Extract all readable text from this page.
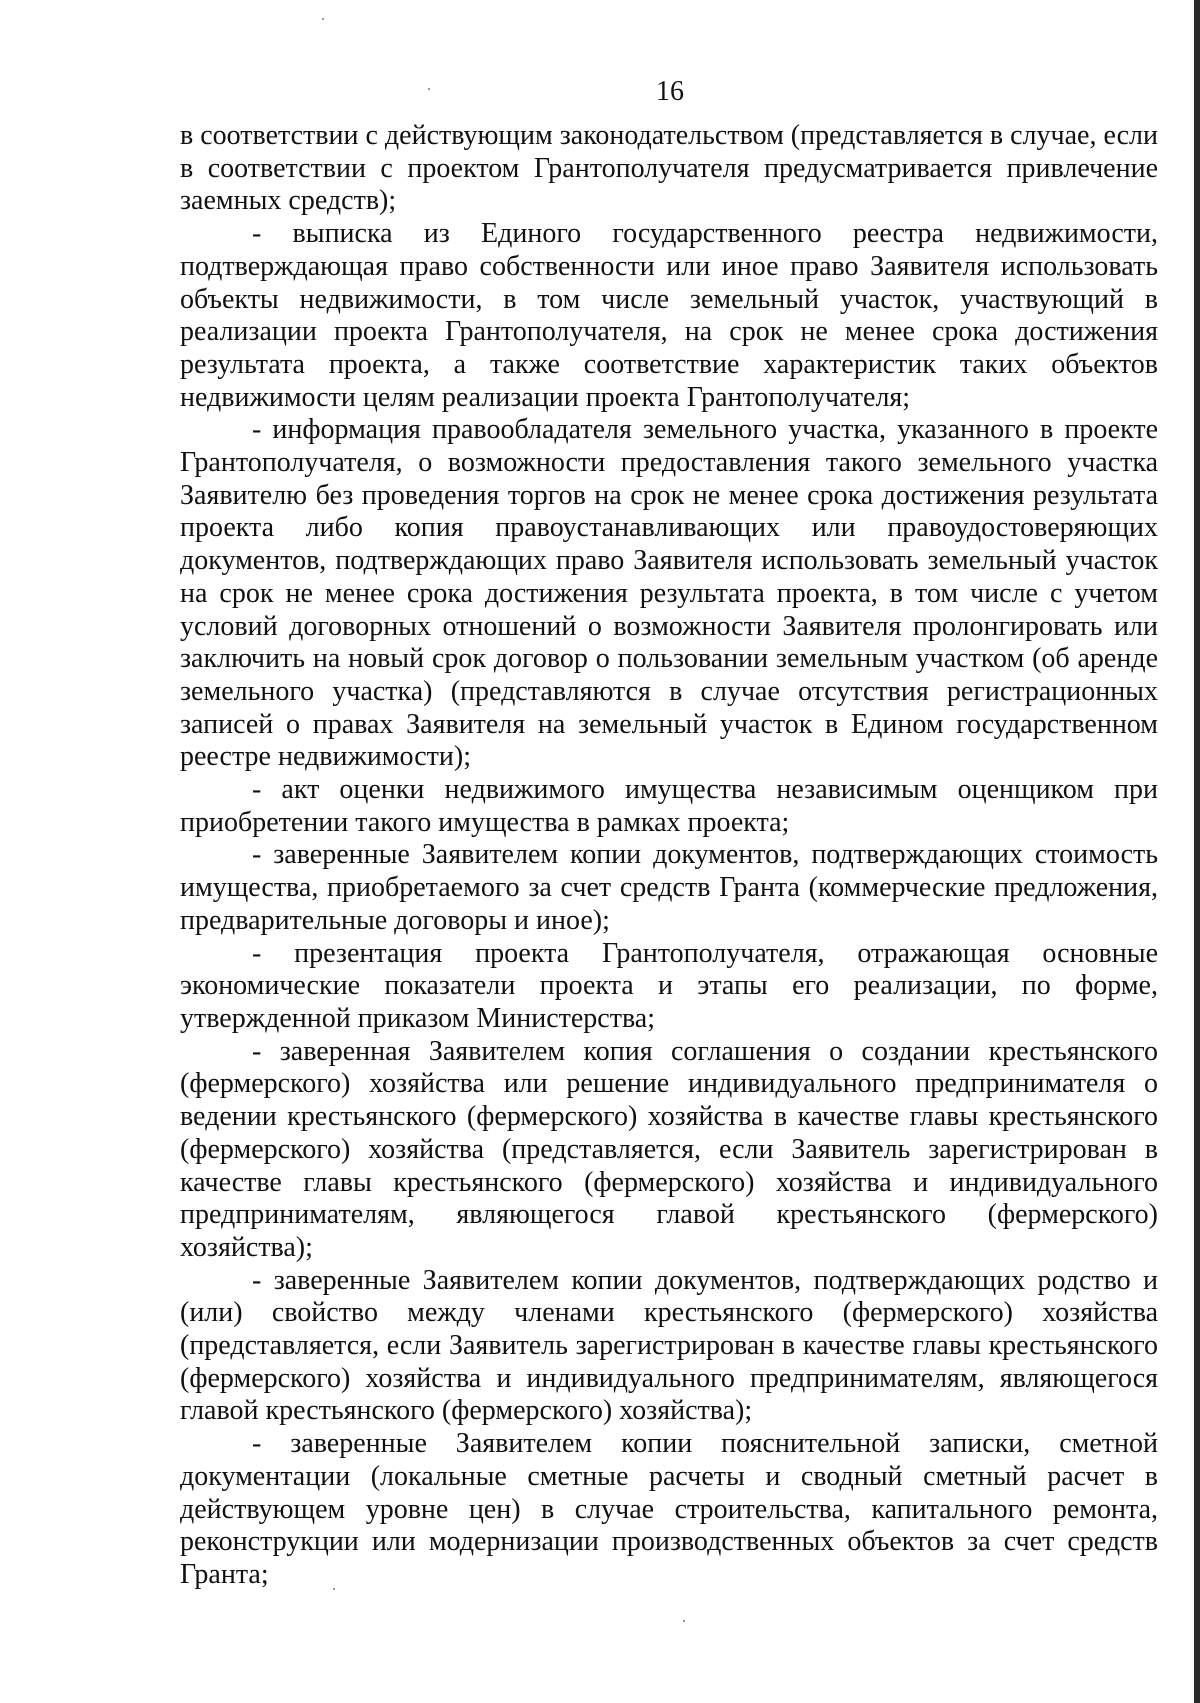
16

в соответствии с действующим законодательством (представляется в случае, если в соответствии с проектом Грантополучателя предусматривается привлечение заемных средств);

- выписка из Единого государственного реестра недвижимости, подтверждающая право собственности или иное право Заявителя использовать объекты недвижимости, в том числе земельный участок, участвующий в реализации проекта Грантополучателя, на срок не менее срока достижения результата проекта, а также соответствие характеристик таких объектов недвижимости целям реализации проекта Грантополучателя;

- информация правообладателя земельного участка, указанного в проекте Грантополучателя, о возможности предоставления такого земельного участка Заявителю без проведения торгов на срок не менее срока достижения результата проекта либо копия правоустанавливающих или правоудостоверяющих документов, подтверждающих право Заявителя использовать земельный участок на срок не менее срока достижения результата проекта, в том числе с учетом условий договорных отношений о возможности Заявителя пролонгировать или заключить на новый срок договор о пользовании земельным участком (об аренде земельного участка) (представляются в случае отсутствия регистрационных записей о правах Заявителя на земельный участок в Едином государственном реестре недвижимости);

- акт оценки недвижимого имущества независимым оценщиком при приобретении такого имущества в рамках проекта;

- заверенные Заявителем копии документов, подтверждающих стоимость имущества, приобретаемого за счет средств Гранта (коммерческие предложения, предварительные договоры и иное);

- презентация проекта Грантополучателя, отражающая основные экономические показатели проекта и этапы его реализации, по форме, утвержденной приказом Министерства;

- заверенная Заявителем копия соглашения о создании крестьянского (фермерского) хозяйства или решение индивидуального предпринимателя о ведении крестьянского (фермерского) хозяйства в качестве главы крестьянского (фермерского) хозяйства (представляется, если Заявитель зарегистрирован в качестве главы крестьянского (фермерского) хозяйства и индивидуального предпринимателям, являющегося главой крестьянского (фермерского) хозяйства);

- заверенные Заявителем копии документов, подтверждающих родство и (или) свойство между членами крестьянского (фермерского) хозяйства (представляется, если Заявитель зарегистрирован в качестве главы крестьянского (фермерского) хозяйства и индивидуального предпринимателям, являющегося главой крестьянского (фермерского) хозяйства);

- заверенные Заявителем копии пояснительной записки, сметной документации (локальные сметные расчеты и сводный сметный расчет в действующем уровне цен) в случае строительства, капитального ремонта, реконструкции или модернизации производственных объектов за счет средств Гранта;
